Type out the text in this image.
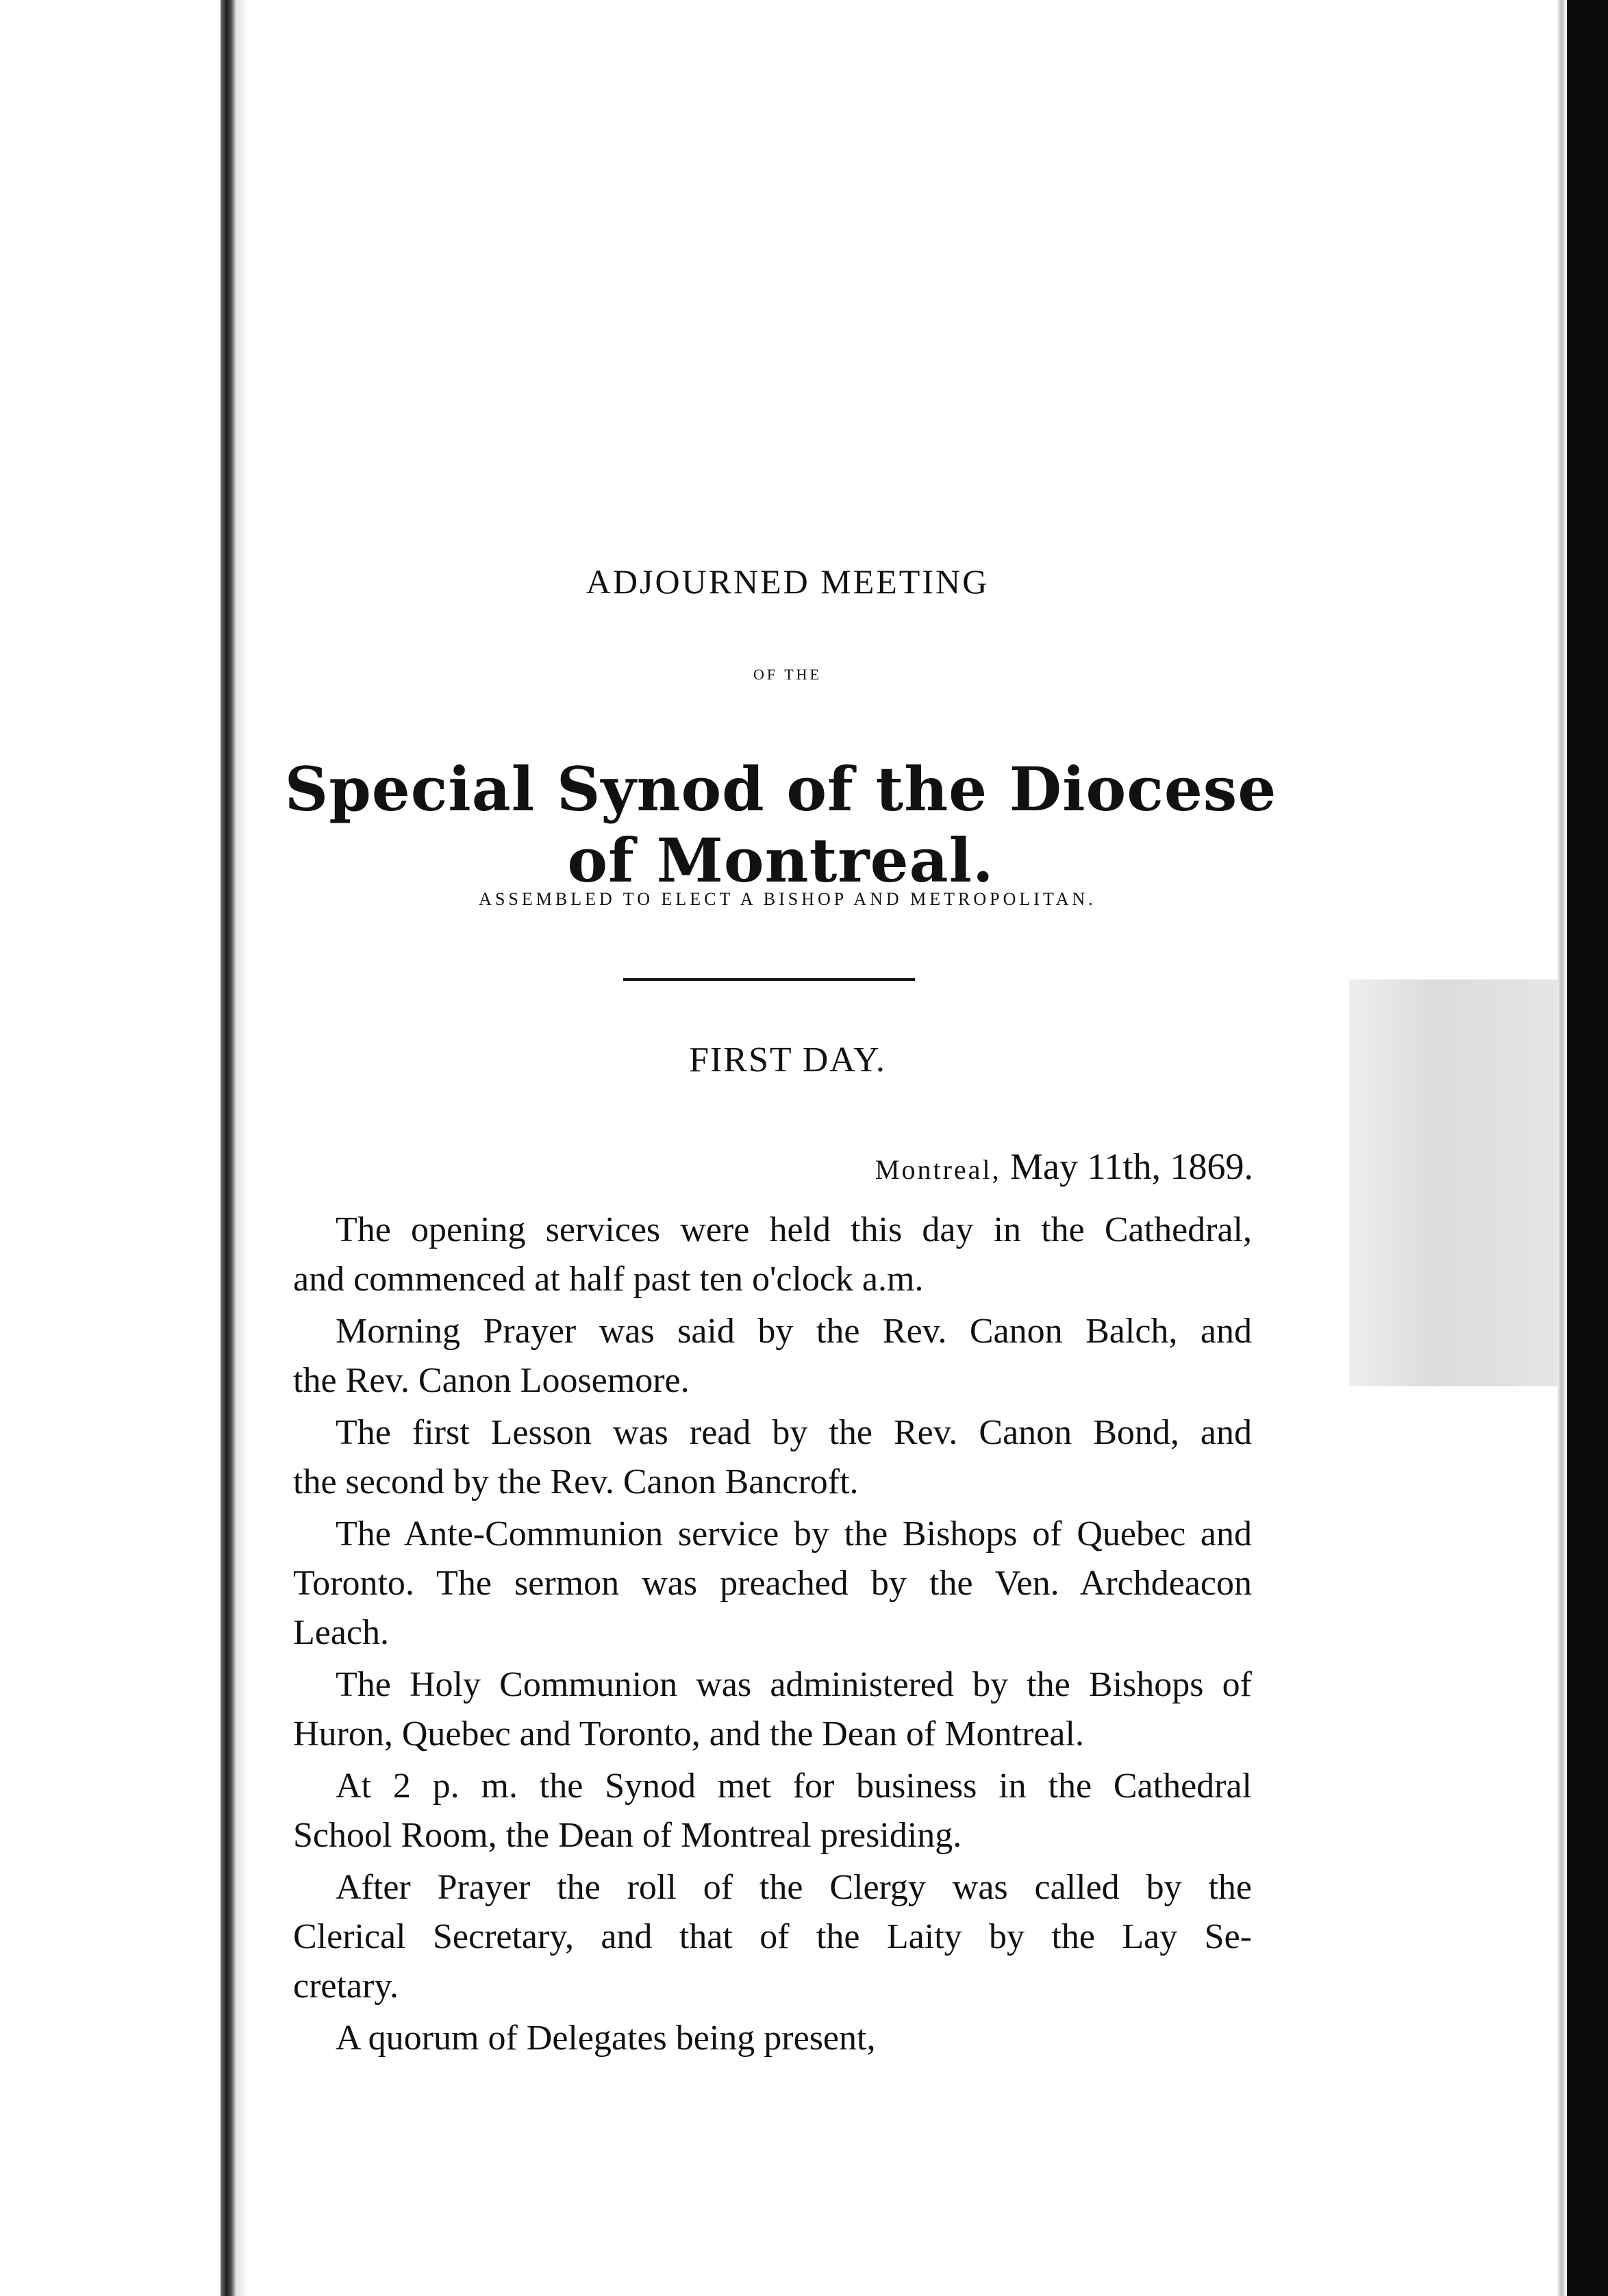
ADJOURNED MEETING
OF THE
Special Synod of the Diocese of Montreal.
ASSEMBLED TO ELECT A BISHOP AND METROPOLITAN.
FIRST DAY.
Montreal, May 11th, 1869.
The opening services were held this day in the Cathedral,
and commenced at half past ten o'clock a.m.
Morning Prayer was said by the Rev. Canon Balch, and
the Rev. Canon Loosemore.
The first Lesson was read by the Rev. Canon Bond, and
the second by the Rev. Canon Bancroft.
The Ante-Communion service by the Bishops of Quebec and
Toronto. The sermon was preached by the Ven. Archdeacon
Leach.
The Holy Communion was administered by the Bishops of
Huron, Quebec and Toronto, and the Dean of Montreal.
At 2 p. m. the Synod met for business in the Cathedral
School Room, the Dean of Montreal presiding.
After Prayer the roll of the Clergy was called by the
Clerical Secretary, and that of the Laity by the Lay Se-
cretary.
A quorum of Delegates being present,
